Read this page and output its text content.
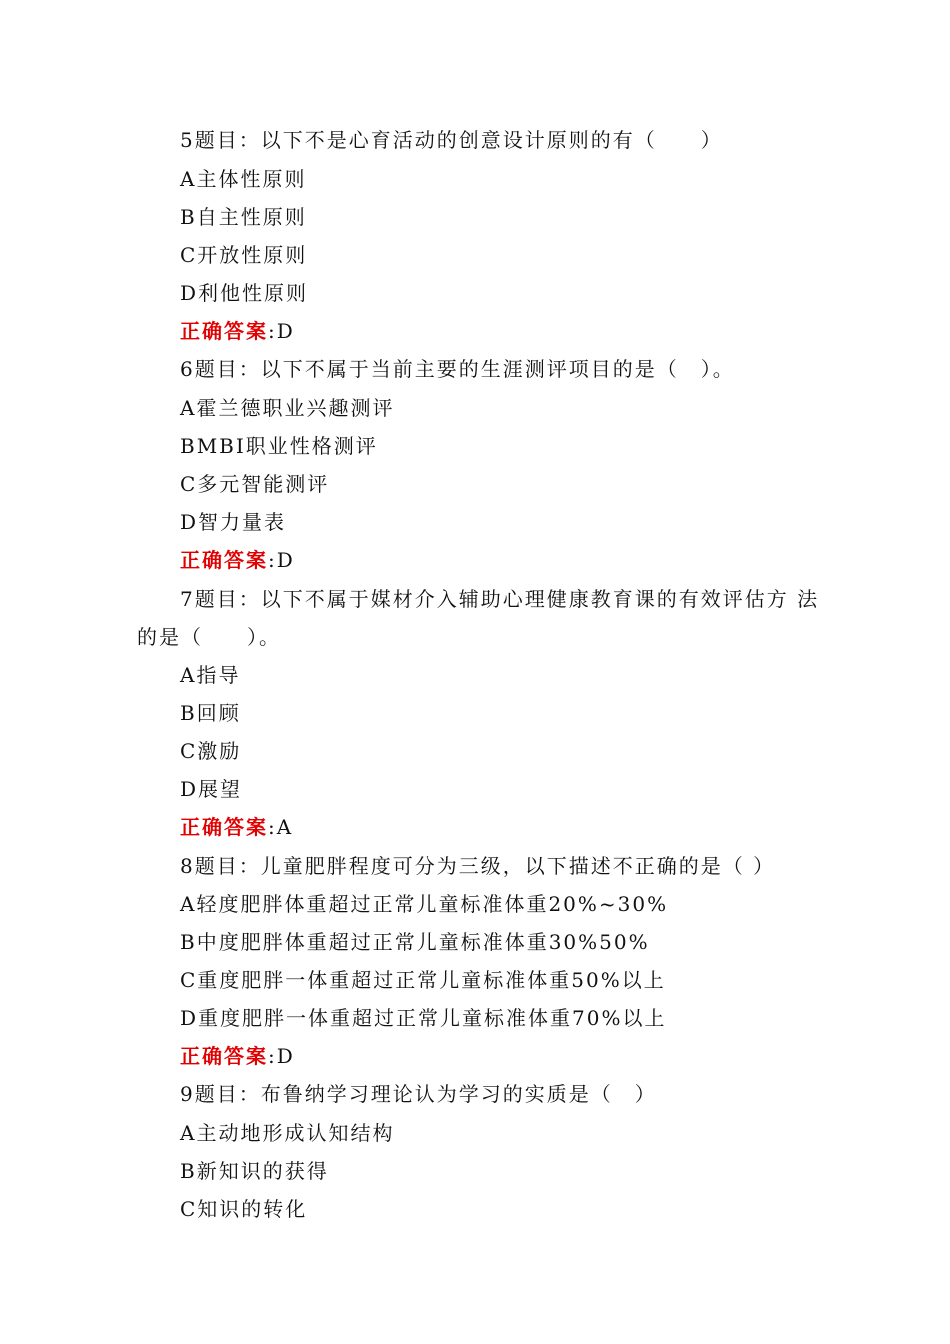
5题目：以下不是心育活动的创意设计原则的有（　　）
A主体性原则
B自主性原则
C开放性原则
D利他性原则
正确答案:D
6题目：以下不属于当前主要的生涯测评项目的是（　）。
A霍兰德职业兴趣测评
BMBI职业性格测评
C多元智能测评
D智力量表
正确答案:D
7题目：以下不属于媒材介入辅助心理健康教育课的有效评估方 法
的是（　　）。
A指导
B回顾
C激励
D展望
正确答案:A
8题目：儿童肥胖程度可分为三级，以下描述不正确的是（ ）
A轻度肥胖体重超过正常儿童标准体重20%~30%
B中度肥胖体重超过正常儿童标准体重30%50%
C重度肥胖一体重超过正常儿童标准体重50%以上
D重度肥胖一体重超过正常儿童标准体重70%以上
正确答案:D
9题目：布鲁纳学习理论认为学习的实质是（　）
A主动地形成认知结构
B新知识的获得
C知识的转化
